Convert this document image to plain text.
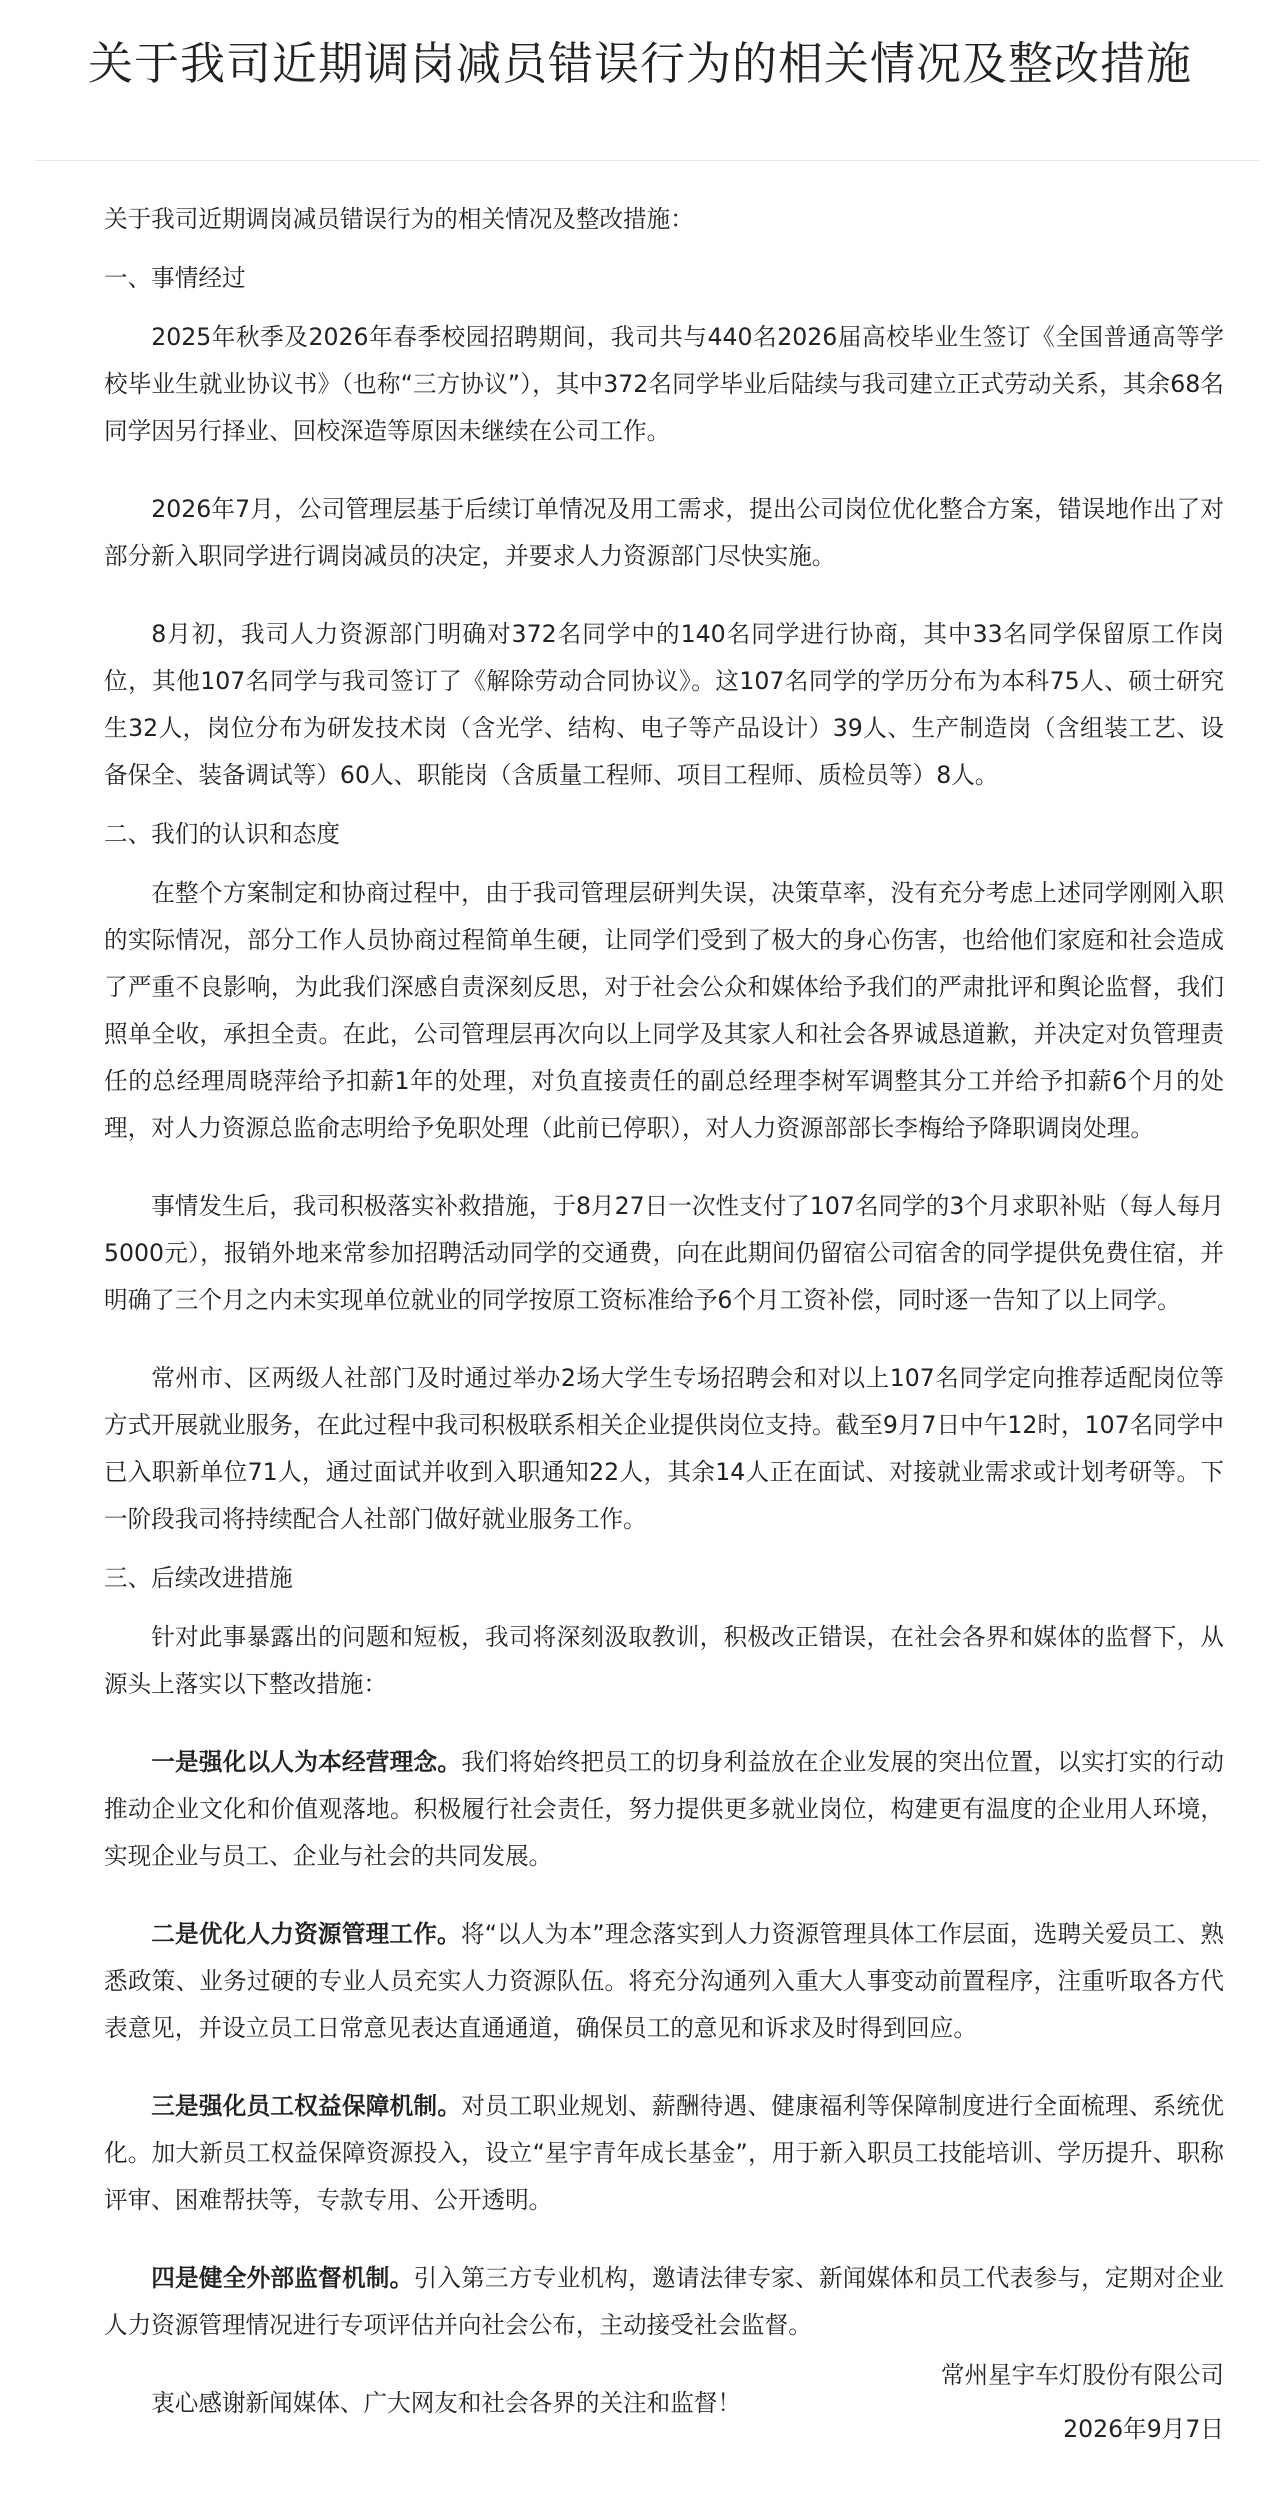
关于我司近期调岗减员错误行为的相关情况及整改措施

关于我司近期调岗减员错误行为的相关情况及整改措施：

一、事情经过

2025年秋季及2026年春季校园招聘期间，我司共与440名2026届高校毕业生签订《全国普通高等学校毕业生就业协议书》（也称“三方协议”），其中372名同学毕业后陆续与我司建立正式劳动关系，其余68名同学因另行择业、回校深造等原因未继续在公司工作。

2026年7月，公司管理层基于后续订单情况及用工需求，提出公司岗位优化整合方案，错误地作出了对部分新入职同学进行调岗减员的决定，并要求人力资源部门尽快实施。

8月初，我司人力资源部门明确对372名同学中的140名同学进行协商，其中33名同学保留原工作岗位，其他107名同学与我司签订了《解除劳动合同协议》。这107名同学的学历分布为本科75人、硕士研究生32人，岗位分布为研发技术岗（含光学、结构、电子等产品设计）39人、生产制造岗（含组装工艺、设备保全、装备调试等）60人、职能岗（含质量工程师、项目工程师、质检员等）8人。

二、我们的认识和态度

在整个方案制定和协商过程中，由于我司管理层研判失误，决策草率，没有充分考虑上述同学刚刚入职的实际情况，部分工作人员协商过程简单生硬，让同学们受到了极大的身心伤害，也给他们家庭和社会造成了严重不良影响，为此我们深感自责深刻反思，对于社会公众和媒体给予我们的严肃批评和舆论监督，我们照单全收，承担全责。在此，公司管理层再次向以上同学及其家人和社会各界诚恳道歉，并决定对负管理责任的总经理周晓萍给予扣薪1年的处理，对负直接责任的副总经理李树军调整其分工并给予扣薪6个月的处理，对人力资源总监俞志明给予免职处理（此前已停职），对人力资源部部长李梅给予降职调岗处理。

事情发生后，我司积极落实补救措施，于8月27日一次性支付了107名同学的3个月求职补贴（每人每月5000元），报销外地来常参加招聘活动同学的交通费，向在此期间仍留宿公司宿舍的同学提供免费住宿，并明确了三个月之内未实现单位就业的同学按原工资标准给予6个月工资补偿，同时逐一告知了以上同学。

常州市、区两级人社部门及时通过举办2场大学生专场招聘会和对以上107名同学定向推荐适配岗位等方式开展就业服务，在此过程中我司积极联系相关企业提供岗位支持。截至9月7日中午12时，107名同学中已入职新单位71人，通过面试并收到入职通知22人，其余14人正在面试、对接就业需求或计划考研等。下一阶段我司将持续配合人社部门做好就业服务工作。

三、后续改进措施

针对此事暴露出的问题和短板，我司将深刻汲取教训，积极改正错误，在社会各界和媒体的监督下，从源头上落实以下整改措施：

一是强化以人为本经营理念。我们将始终把员工的切身利益放在企业发展的突出位置，以实打实的行动推动企业文化和价值观落地。积极履行社会责任，努力提供更多就业岗位，构建更有温度的企业用人环境，实现企业与员工、企业与社会的共同发展。

二是优化人力资源管理工作。将“以人为本”理念落实到人力资源管理具体工作层面，选聘关爱员工、熟悉政策、业务过硬的专业人员充实人力资源队伍。将充分沟通列入重大人事变动前置程序，注重听取各方代表意见，并设立员工日常意见表达直通通道，确保员工的意见和诉求及时得到回应。

三是强化员工权益保障机制。对员工职业规划、薪酬待遇、健康福利等保障制度进行全面梳理、系统优化。加大新员工权益保障资源投入，设立“星宇青年成长基金”，用于新入职员工技能培训、学历提升、职称评审、困难帮扶等，专款专用、公开透明。

四是健全外部监督机制。引入第三方专业机构，邀请法律专家、新闻媒体和员工代表参与，定期对企业人力资源管理情况进行专项评估并向社会公布，主动接受社会监督。

衷心感谢新闻媒体、广大网友和社会各界的关注和监督！

常州星宇车灯股份有限公司
2026年9月7日
